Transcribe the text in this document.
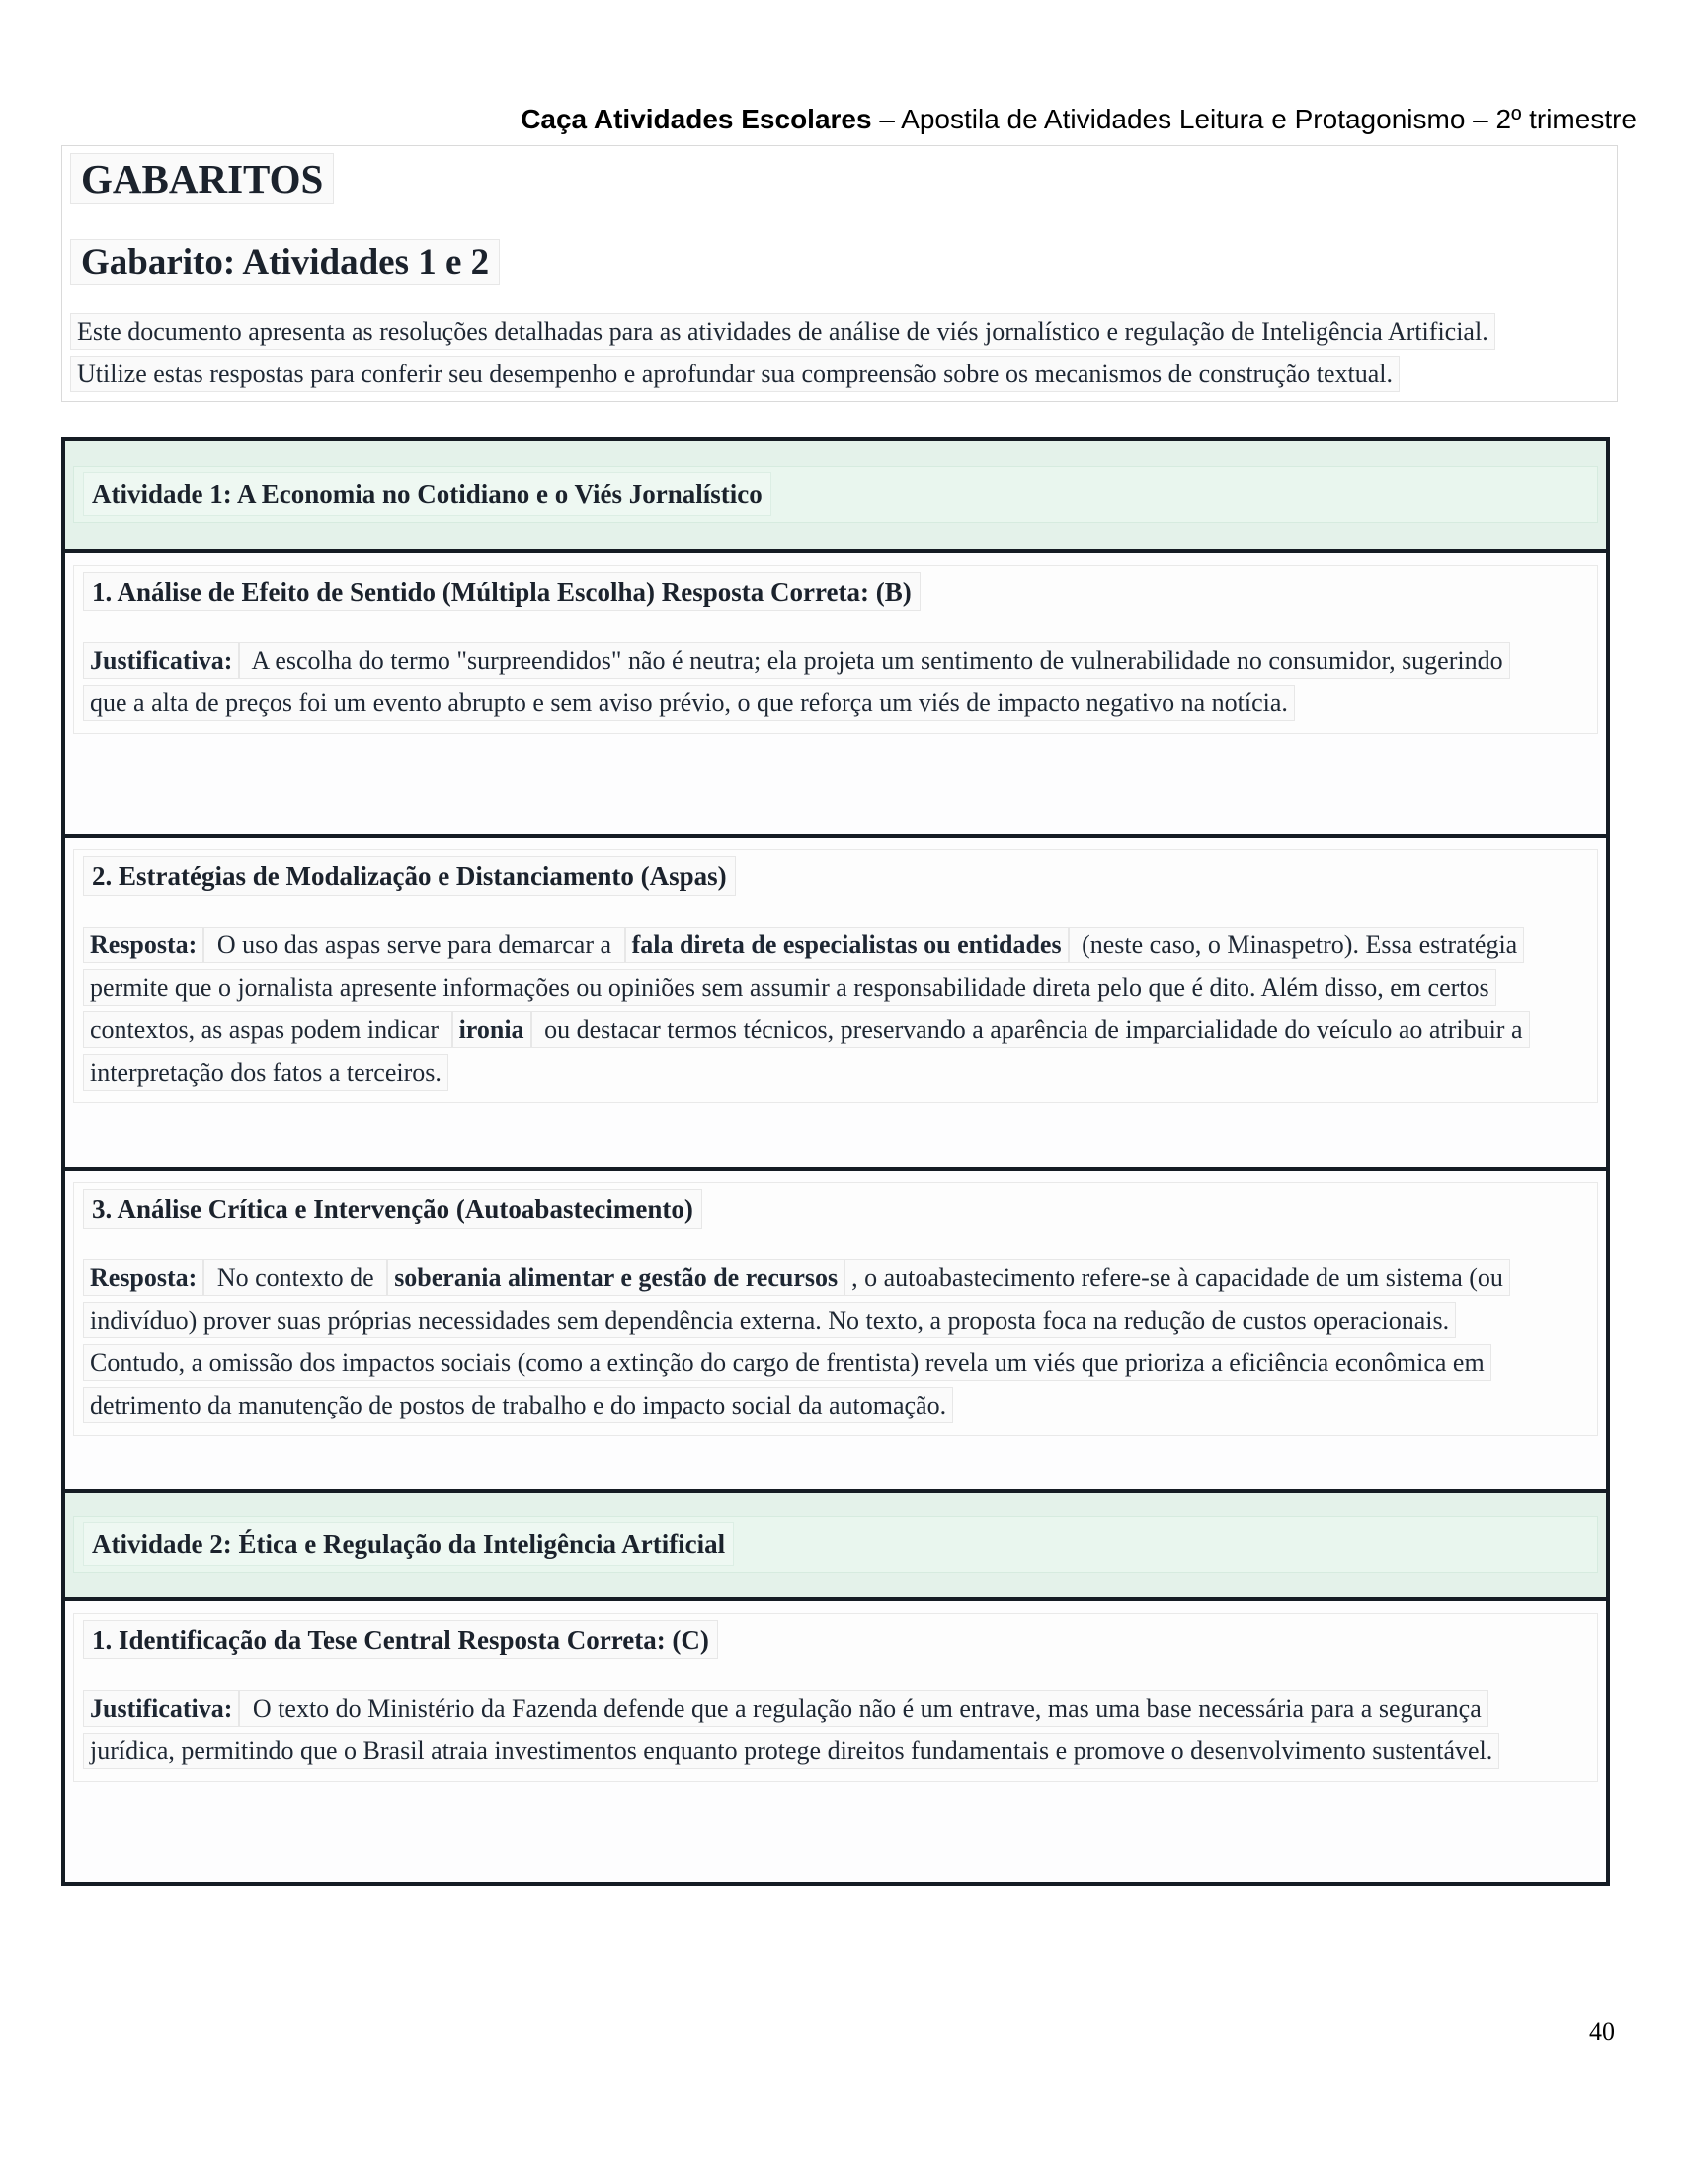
Caça Atividades Escolares – Apostila de Atividades Leitura e Protagonismo – 2º trimestre
GABARITOS
Gabarito: Atividades 1 e 2

Este documento apresenta as resoluções detalhadas para as atividades de análise de viés jornalístico e regulação de Inteligência Artificial. Utilize estas respostas para conferir seu desempenho e aprofundar sua compreensão sobre os mecanismos de construção textual.

Atividade 1: A Economia no Cotidiano e o Viés Jornalístico
1. Análise de Efeito de Sentido (Múltipla Escolha) Resposta Correta: (B)

Justificativa: A escolha do termo "surpreendidos" não é neutra; ela projeta um sentimento de vulnerabilidade no consumidor, sugerindo que a alta de preços foi um evento abrupto e sem aviso prévio, o que reforça um viés de impacto negativo na notícia.

2. Estratégias de Modalização e Distanciamento (Aspas)

Resposta: O uso das aspas serve para demarcar a fala direta de especialistas ou entidades (neste caso, o Minaspetro). Essa estratégia permite que o jornalista apresente informações ou opiniões sem assumir a responsabilidade direta pelo que é dito. Além disso, em certos contextos, as aspas podem indicar ironia ou destacar termos técnicos, preservando a aparência de imparcialidade do veículo ao atribuir a interpretação dos fatos a terceiros.

3. Análise Crítica e Intervenção (Autoabastecimento)

Resposta: No contexto de soberania alimentar e gestão de recursos , o autoabastecimento refere-se à capacidade de um sistema (ou indivíduo) prover suas próprias necessidades sem dependência externa. No texto, a proposta foca na redução de custos operacionais. Contudo, a omissão dos impactos sociais (como a extinção do cargo de frentista) revela um viés que prioriza a eficiência econômica em detrimento da manutenção de postos de trabalho e do impacto social da automação.

Atividade 2: Ética e Regulação da Inteligência Artificial
1. Identificação da Tese Central Resposta Correta: (C)

Justificativa: O texto do Ministério da Fazenda defende que a regulação não é um entrave, mas uma base necessária para a segurança jurídica, permitindo que o Brasil atraia investimentos enquanto protege direitos fundamentais e promove o desenvolvimento sustentável.

40
